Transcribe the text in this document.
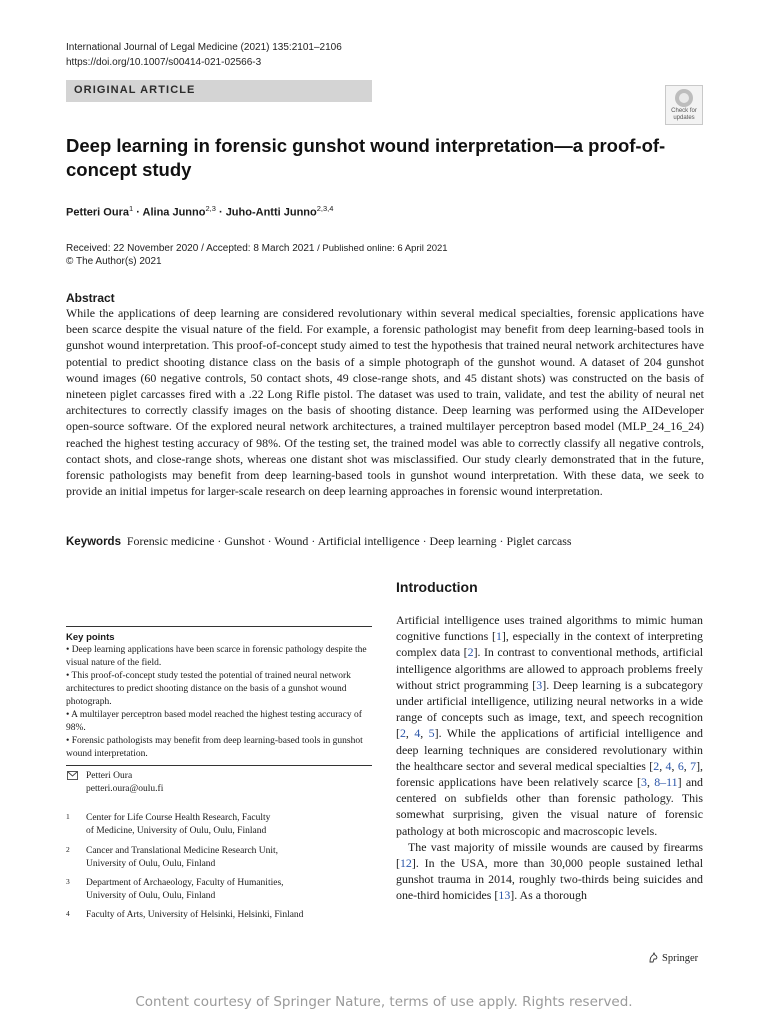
International Journal of Legal Medicine (2021) 135:2101–2106
https://doi.org/10.1007/s00414-021-02566-3
ORIGINAL ARTICLE
Check for
updates
Deep learning in forensic gunshot wound interpretation—a proof-of-concept study
Petteri Oura$^1$ · Alina Junno$^{2,3}$ · Juho-Antti Junno$^{2,3,4}$
Received: 22 November 2020 / Accepted: 8 March 2021 / Published online: 6 April 2021
© The Author(s) 2021
Abstract
While the applications of deep learning are considered revolutionary within several medical specialties, forensic applications have been scarce despite the visual nature of the field. For example, a forensic pathologist may benefit from deep learning-based tools in gunshot wound interpretation. This proof-of-concept study aimed to test the hypothesis that trained neural network architectures have potential to predict shooting distance class on the basis of a simple photograph of the gunshot wound. A dataset of 204 gunshot wound images (60 negative controls, 50 contact shots, 49 close-range shots, and 45 distant shots) was constructed on the basis of nineteen piglet carcasses fired with a .22 Long Rifle pistol. The dataset was used to train, validate, and test the ability of neural net architectures to correctly classify images on the basis of shooting distance. Deep learning was performed using the AIDeveloper open-source software. Of the explored neural network architectures, a trained multilayer perceptron based model (MLP_24_16_24) reached the highest testing accuracy of 98%. Of the testing set, the trained model was able to correctly classify all negative controls, contact shots, and close-range shots, whereas one distant shot was misclassified. Our study clearly demonstrated that in the future, forensic pathologists may benefit from deep learning-based tools in gunshot wound interpretation. With these data, we seek to provide an initial impetus for larger-scale research on deep learning approaches in forensic wound interpretation.
Keywords Forensic medicine · Gunshot · Wound · Artificial intelligence · Deep learning · Piglet carcass
Key points
• Deep learning applications have been scarce in forensic pathology despite the visual nature of the field.
• This proof-of-concept study tested the potential of trained neural network architectures to predict shooting distance on the basis of a gunshot wound photograph.
• A multilayer perceptron based model reached the highest testing accuracy of 98%.
• Forensic pathologists may benefit from deep learning-based tools in gunshot wound interpretation.
Petteri Oura
petteri.oura@oulu.fi
1 Center for Life Course Health Research, Faculty
of Medicine, University of Oulu, Oulu, Finland
2 Cancer and Translational Medicine Research Unit,
University of Oulu, Oulu, Finland
3 Department of Archaeology, Faculty of Humanities,
University of Oulu, Oulu, Finland
4 Faculty of Arts, University of Helsinki, Helsinki, Finland
Introduction

Artificial intelligence uses trained algorithms to mimic human cognitive functions [1], especially in the context of interpreting complex data [2]. In contrast to conventional methods, artificial intelligence algorithms are allowed to approach problems freely without strict programming [3]. Deep learning is a subcategory under artificial intelligence, utilizing neural networks in a wide range of concepts such as image, text, and speech recognition [2, 4, 5]. While the applications of artificial intelligence and deep learning techniques are considered revolutionary within the healthcare sector and several medical specialties [2, 4, 6, 7], forensic applications have been relatively scarce [3, 8–11] and centered on subfields other than forensic pathology. This somewhat surprising, given the visual nature of forensic pathology at both microscopic and macroscopic levels.

The vast majority of missile wounds are caused by firearms [12]. In the USA, more than 30,000 people sustained lethal gunshot trauma in 2014, roughly two-thirds being suicides and one-third homicides [13]. As a thorough

Springer
Content courtesy of Springer Nature, terms of use apply. Rights reserved.
